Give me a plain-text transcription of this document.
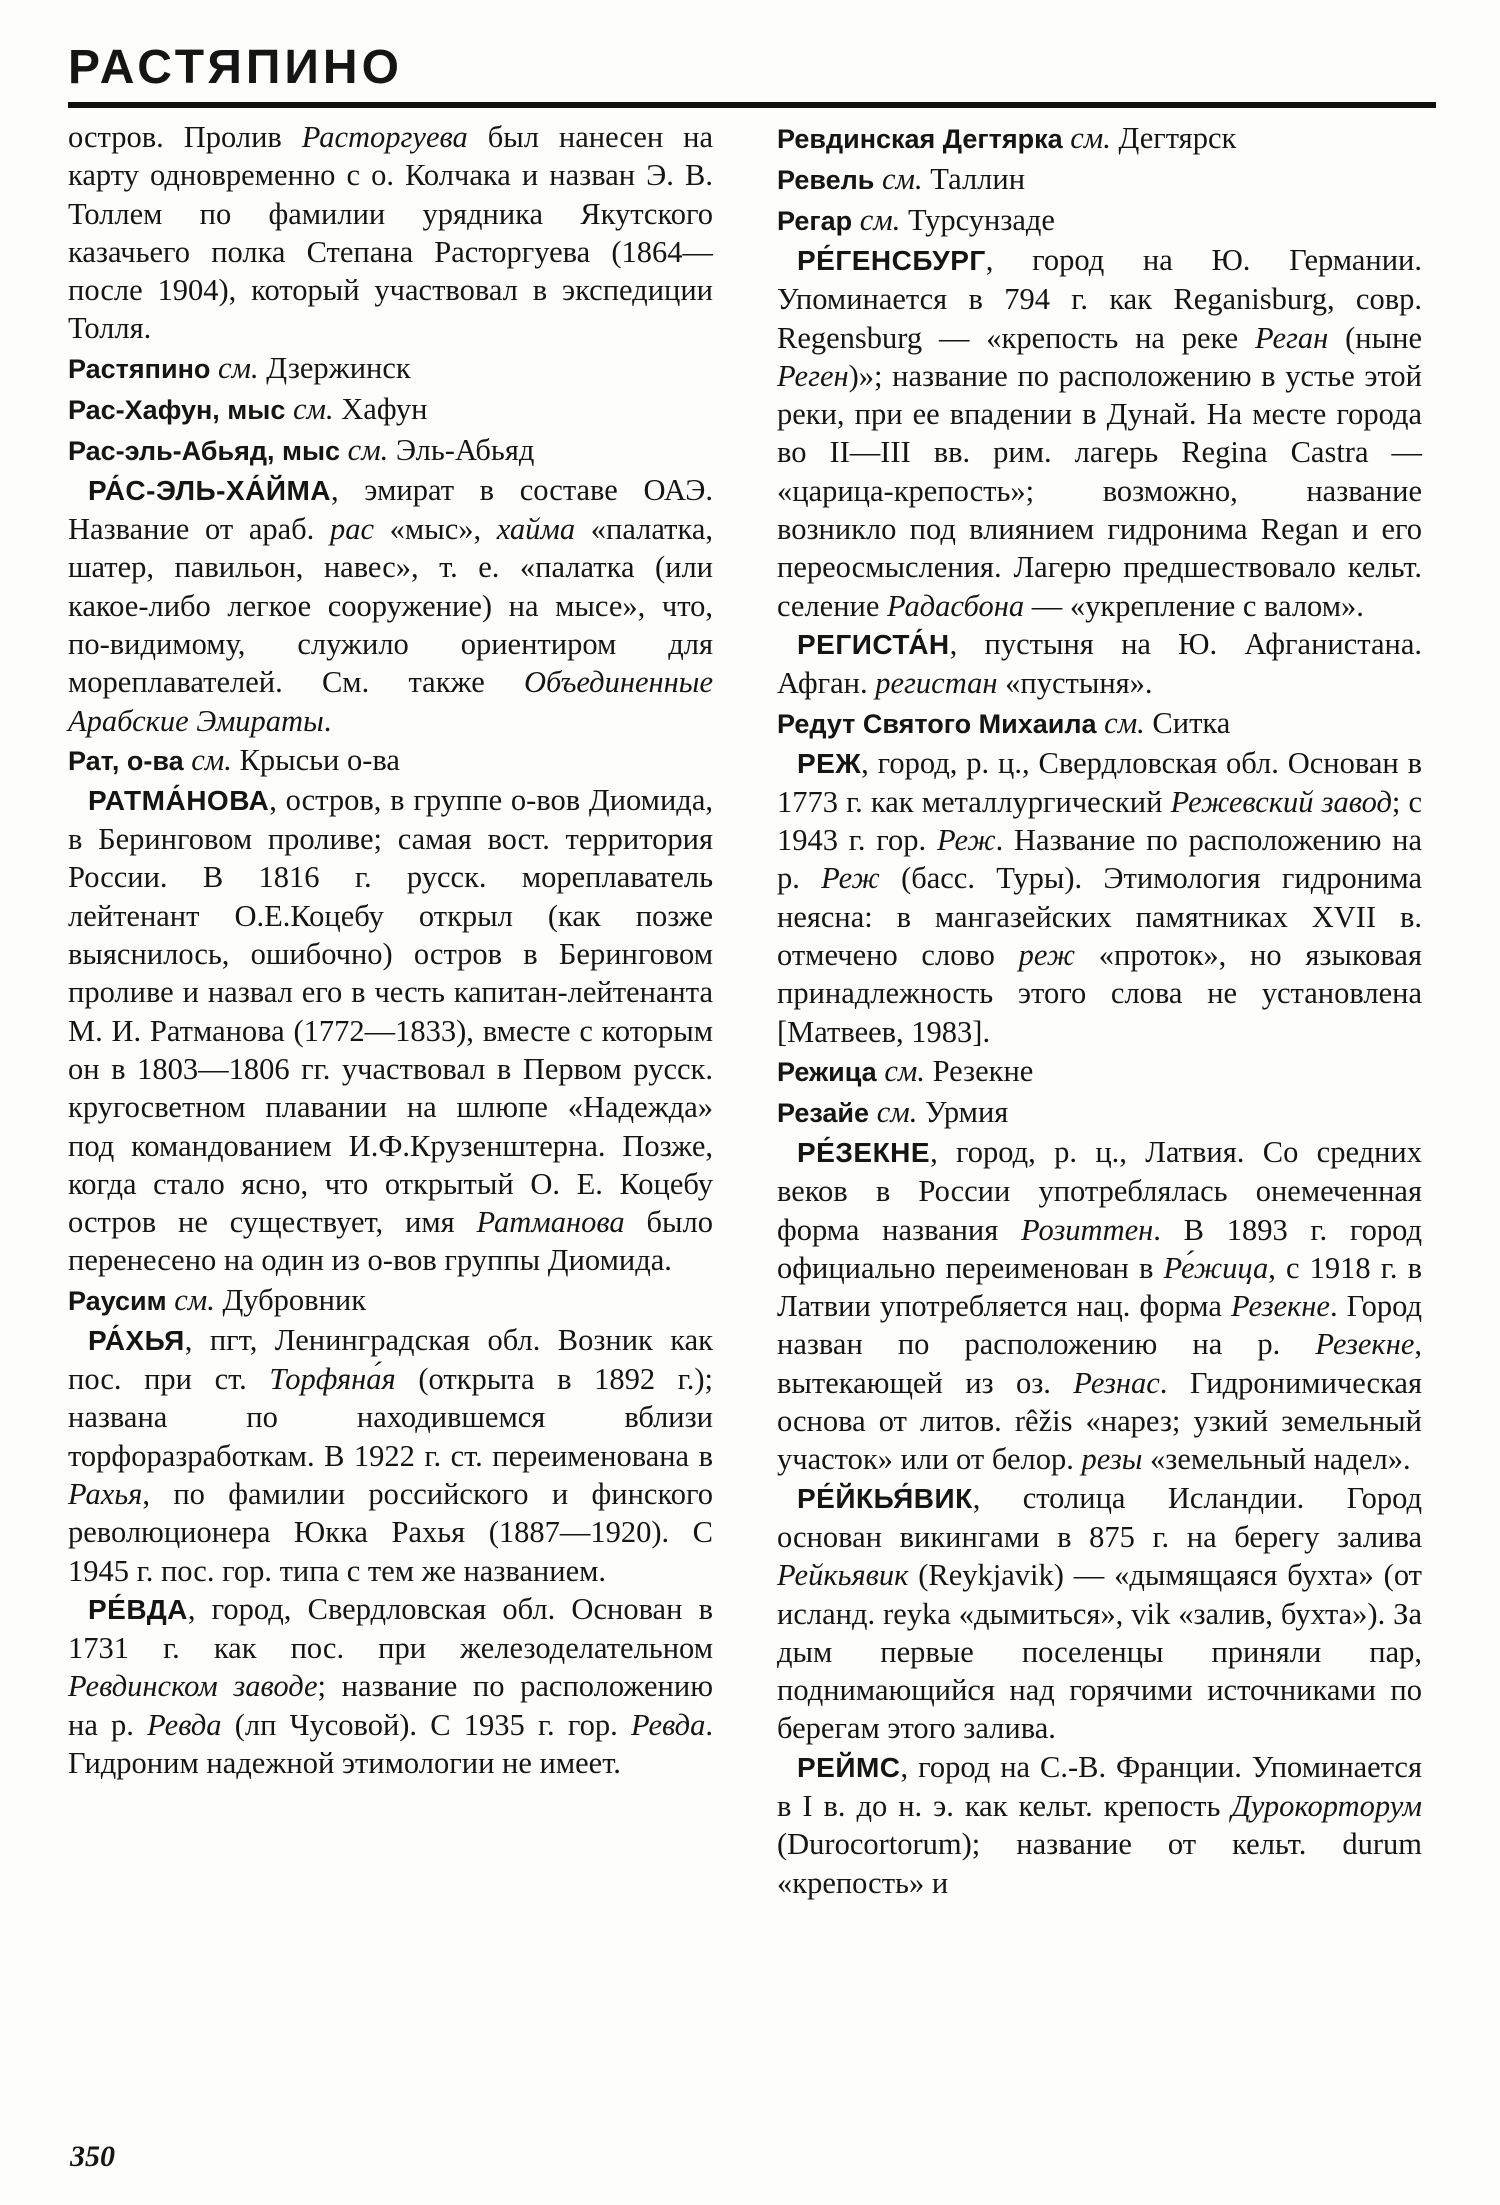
РАСТЯПИНО

остров. Пролив Расторгуева был нанесен на карту одновременно с о. Колчака и назван Э. В. Толлем по фамилии урядника Якутского казачьего полка Степана Расторгуева (1864—после 1904), который участвовал в экспедиции Толля.

Растяпино см. Дзержинск

Рас-Хафун, мыс см. Хафун

Рас-эль-Абьяд, мыс см. Эль-Абьяд

РА́С-ЭЛЬ-ХА́ЙМА, эмират в составе ОАЭ. Название от араб. рас «мыс», хайма «палатка, шатер, павильон, навес», т. е. «палатка (или какое-либо легкое сооружение) на мысе», что, по-видимому, служило ориентиром для мореплавателей. См. также Объединенные Арабские Эмираты.

Рат, о-ва см. Крысьи о-ва

РАТМА́НОВА, остров, в группе о-вов Диомида, в Беринговом проливе; самая вост. территория России. В 1816 г. русск. мореплаватель лейтенант О.Е.Коцебу открыл (как позже выяснилось, ошибочно) остров в Беринговом проливе и назвал его в честь капитан-лейтенанта М. И. Ратманова (1772—1833), вместе с которым он в 1803—1806 гг. участвовал в Первом русск. кругосветном плавании на шлюпе «Надежда» под командованием И.Ф.Крузенштерна. Позже, когда стало ясно, что открытый О. Е. Коцебу остров не существует, имя Ратманова было перенесено на один из о-вов группы Диомида.

Раусим см. Дубровник

РА́ХЬЯ, пгт, Ленинградская обл. Возник как пос. при ст. Торфяна́я (открыта в 1892 г.); названа по находившемся вблизи торфоразработкам. В 1922 г. ст. переименована в Рахья, по фамилии российского и финского революционера Юкка Рахья (1887—1920). С 1945 г. пос. гор. типа с тем же названием.

РЕ́ВДА, город, Свердловская обл. Основан в 1731 г. как пос. при железоделательном Ревдинском заводе; название по расположению на р. Ревда (лп Чусовой). С 1935 г. гор. Ревда. Гидроним надежной этимологии не имеет.

Ревдинская Дегтярка см. Дегтярск

Ревель см. Таллин

Регар см. Турсунзаде

РЕ́ГЕНСБУРГ, город на Ю. Германии. Упоминается в 794 г. как Reganisburg, совр. Regensburg — «крепость на реке Реган (ныне Реген)»; название по расположению в устье этой реки, при ее впадении в Дунай. На месте города во II—III вв. рим. лагерь Regina Castra — «царица-крепость»; возможно, название возникло под влиянием гидронима Regan и его переосмысления. Лагерю предшествовало кельт. селение Радасбона — «укрепление с валом».

РЕГИСТА́Н, пустыня на Ю. Афганистана. Афган. регистан «пустыня».

Редут Святого Михаила см. Ситка

РЕЖ, город, р. ц., Свердловская обл. Основан в 1773 г. как металлургический Режевский завод; с 1943 г. гор. Реж. Название по расположению на р. Реж (басс. Туры). Этимология гидронима неясна: в мангазейских памятниках XVII в. отмечено слово реж «проток», но языковая принадлежность этого слова не установлена [Матвеев, 1983].

Режица см. Резекне

Резайе см. Урмия

РЕ́ЗЕКНЕ, город, р. ц., Латвия. Со средних веков в России употреблялась онемеченная форма названия Розиттен. В 1893 г. город официально переименован в Ре́жица, с 1918 г. в Латвии употребляется нац. форма Резекне. Город назван по расположению на р. Резекне, вытекающей из оз. Резнас. Гидронимическая основа от литов. rêžis «нарез; узкий земельный участок» или от белор. резы «земельный надел».

РЕ́ЙКЬЯ́ВИК, столица Исландии. Город основан викингами в 875 г. на берегу залива Рейкьявик (Reykjavik) — «дымящаяся бухта» (от исланд. reyka «дымиться», vik «залив, бухта»). За дым первые поселенцы приняли пар, поднимающийся над горячими источниками по берегам этого залива.

РЕЙМС, город на С.-В. Франции. Упоминается в I в. до н. э. как кельт. крепость Дурокорторум (Durocortorum); название от кельт. durum «крепость» и

350
